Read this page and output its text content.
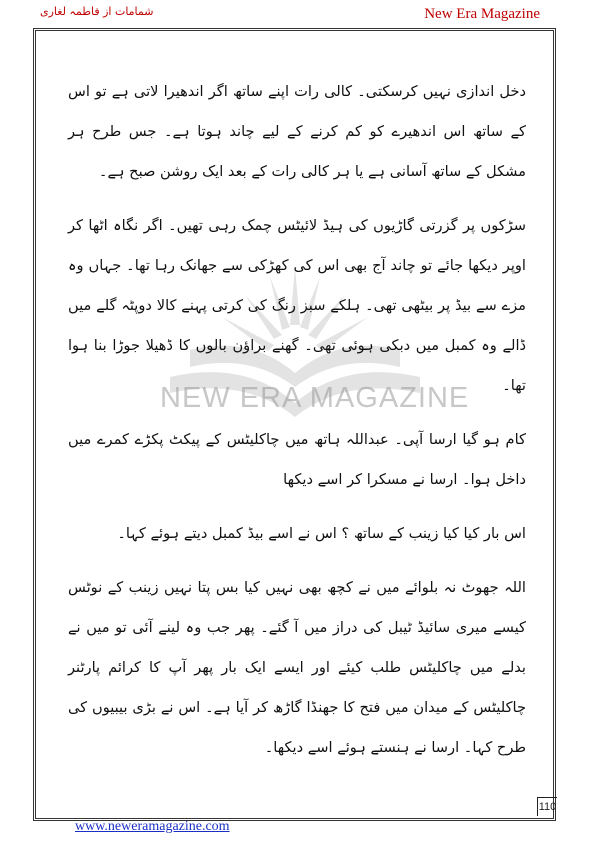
New Era Magazine
شمامات از فاطمہ لغاری
NEW ERA MAGAZINE

دخل اندازی نہیں کرسکتی۔ کالی رات اپنے ساتھ اگر اندھیرا لاتی ہے تو اس کے ساتھ اس اندھیرے کو کم کرنے کے لیے چاند ہوتا ہے۔ جس طرح ہر مشکل کے ساتھ آسانی ہے یا ہر کالی رات کے بعد ایک روشن صبح ہے۔

سڑکوں پر گزرتی گاڑیوں کی ہیڈ لائیٹس چمک رہی تھیں۔ اگر نگاہ اٹھا کر اوپر دیکھا جائے تو چاند آج بھی اس کی کھڑکی سے جھانک رہا تھا۔ جہاں وہ مزے سے بیڈ پر بیٹھی تھی۔ ہلکے سبز رنگ کی کرتی پہنے کالا دوپٹہ گلے میں ڈالے وہ کمبل میں دبکی ہوئی تھی۔ گھنے براؤن بالوں کا ڈھیلا جوڑا بنا ہوا تھا۔

کام ہو گیا ارسا آپی۔ عبداللہ ہاتھ میں چاکلیٹس کے پیکٹ پکڑے کمرے میں داخل ہوا۔ ارسا نے مسکرا کر اسے دیکھا

اس بار کیا کیا زینب کے ساتھ ؟ اس نے اسے بیڈ کمبل دیتے ہوئے کہا۔

اللہ جھوٹ نہ بلوائے میں نے کچھ بھی نہیں کیا بس پتا نہیں زینب کے نوٹس کیسے میری سائیڈ ٹیبل کی دراز میں آ گئے۔ پھر جب وہ لینے آئی تو میں نے بدلے میں چاکلیٹس طلب کیئے اور ایسے ایک بار پھر آپ کا کرائم پارٹنر چاکلیٹس کے میدان میں فتح کا جھنڈا گاڑھ کر آیا ہے۔ اس نے بڑی بیبیوں کی طرح کہا۔ ارسا نے ہنستے ہوئے اسے دیکھا۔

110
www.neweramagazine.com
